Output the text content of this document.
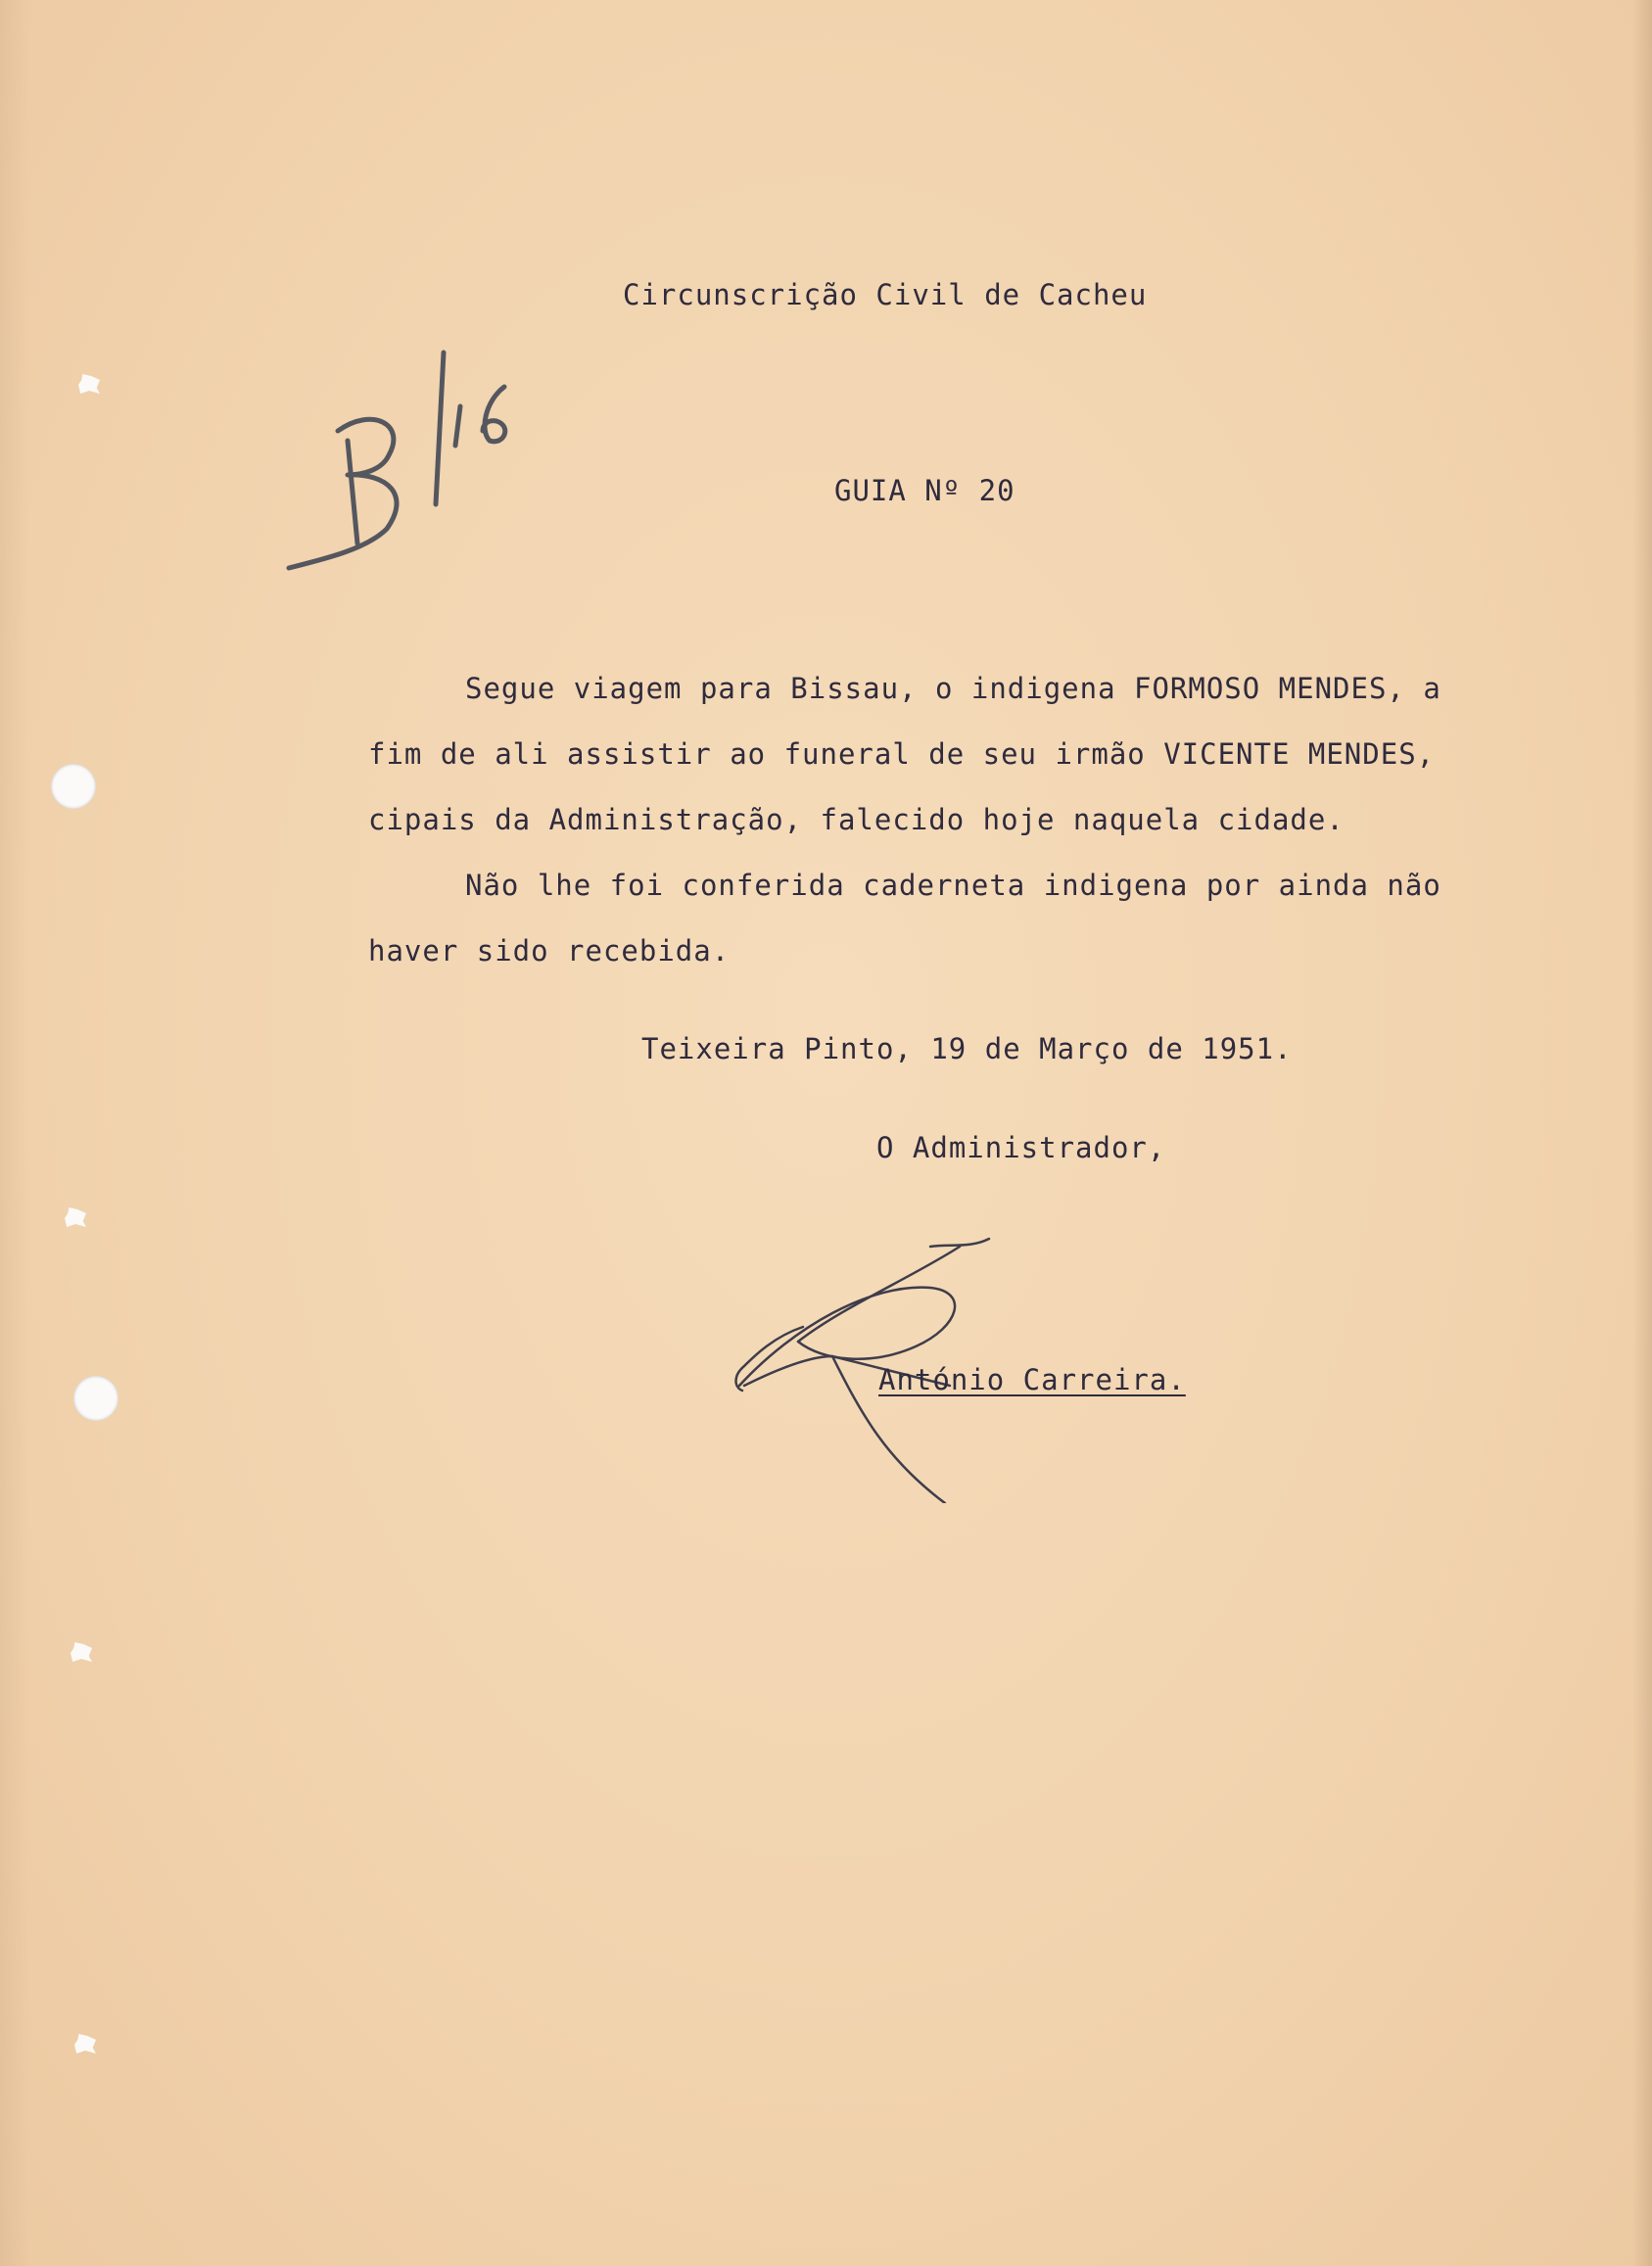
Circunscrição Civil de Cacheu
GUIA Nº 20
Segue viagem para Bissau, o indigena FORMOSO MENDES, a
fim de ali assistir ao funeral de seu irmão VICENTE MENDES,
cipais da Administração, falecido hoje naquela cidade.
Não lhe foi conferida caderneta indigena por ainda não
haver sido recebida.
Teixeira Pinto, 19 de Março de 1951.
O Administrador,
António Carreira.
